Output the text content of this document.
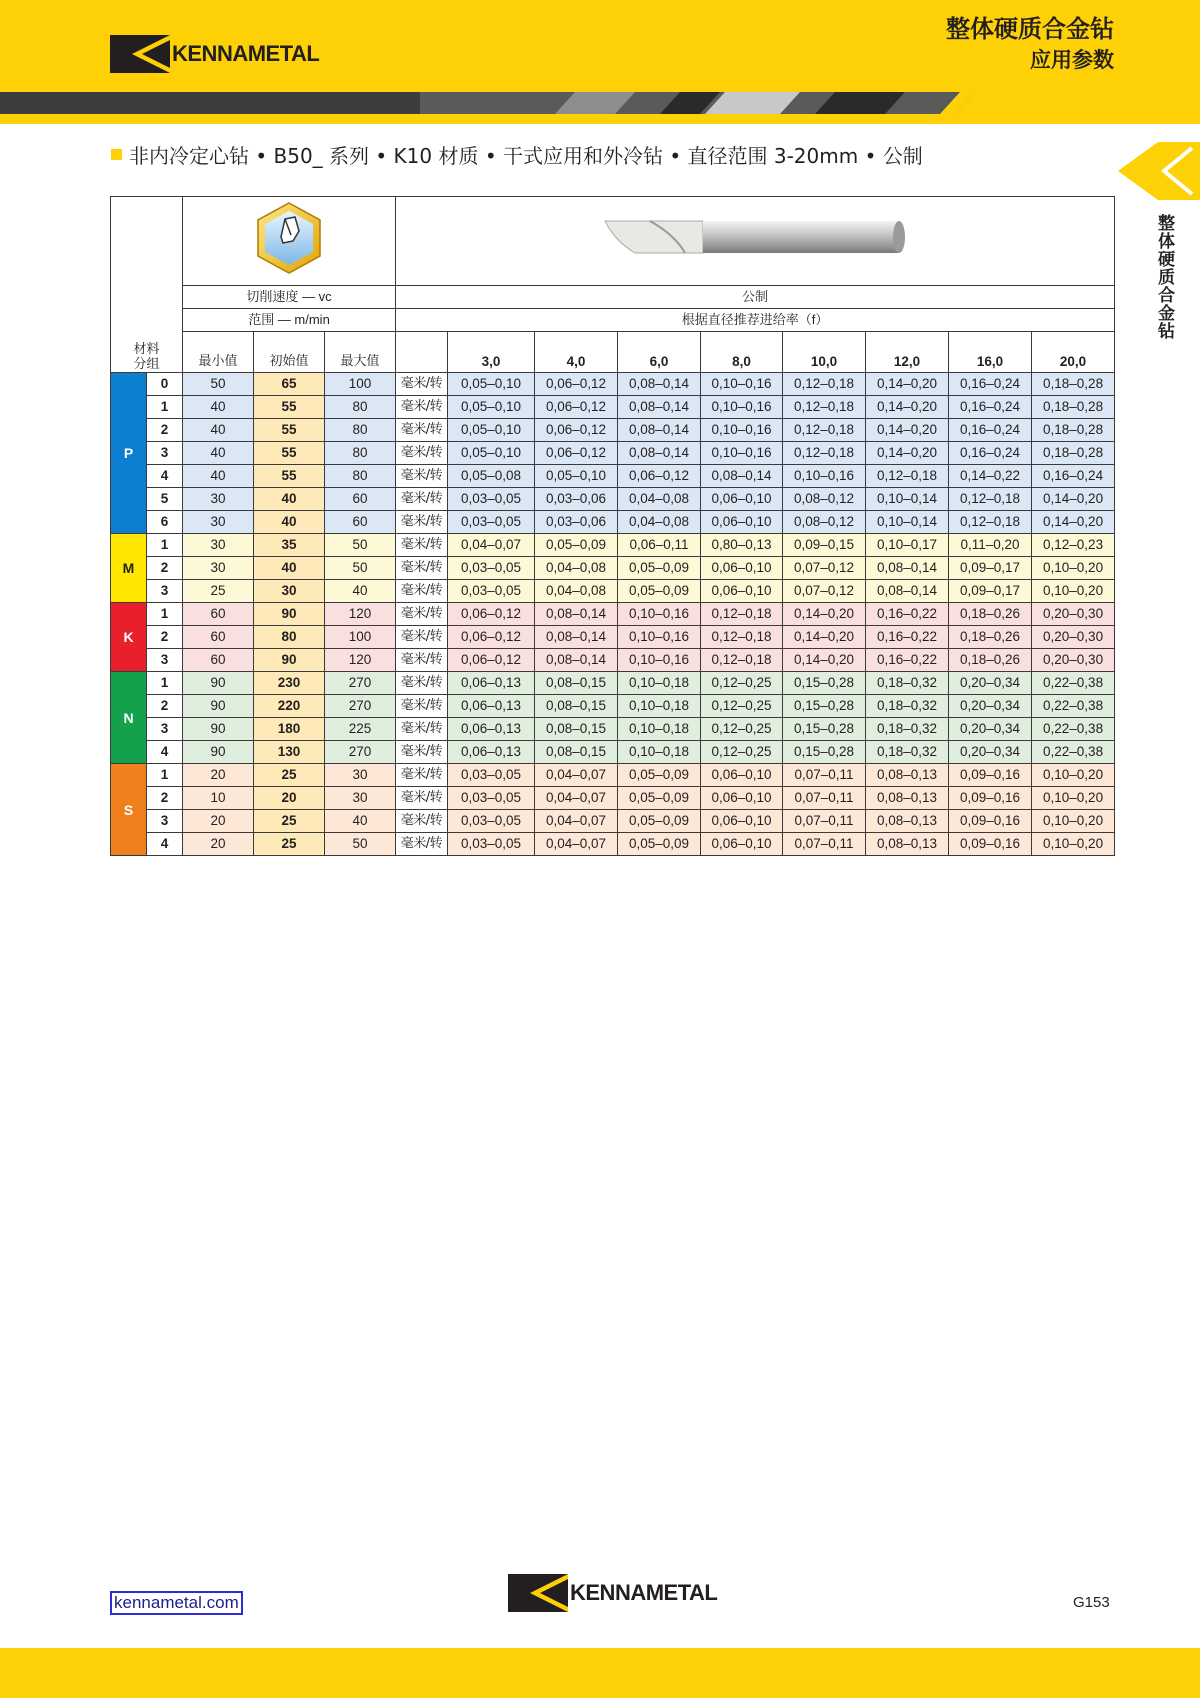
KENNAMETAL
整体硬质合金钻
应用参数
整体硬质合金钻
非内冷定心钻 • B50_ 系列 • K10 材质 • 干式应用和外冷钻 • 直径范围 3-20mm • 公制

		切削速度 — vc			公制								
		范围 — m/min			根据直径推荐进给率（f）								

材料
分组		最小值	初始值	最大值		3,0	4,0	6,0	8,0	10,0	12,0	16,0	20,0
P	0	50	65	100	毫米/转	0,05–0,10	0,06–0,12	0,08–0,14	0,10–0,16	0,12–0,18	0,14–0,20	0,16–0,24	0,18–0,28
	1	40	55	80	毫米/转	0,05–0,10	0,06–0,12	0,08–0,14	0,10–0,16	0,12–0,18	0,14–0,20	0,16–0,24	0,18–0,28
	2	40	55	80	毫米/转	0,05–0,10	0,06–0,12	0,08–0,14	0,10–0,16	0,12–0,18	0,14–0,20	0,16–0,24	0,18–0,28
	3	40	55	80	毫米/转	0,05–0,10	0,06–0,12	0,08–0,14	0,10–0,16	0,12–0,18	0,14–0,20	0,16–0,24	0,18–0,28
	4	40	55	80	毫米/转	0,05–0,08	0,05–0,10	0,06–0,12	0,08–0,14	0,10–0,16	0,12–0,18	0,14–0,22	0,16–0,24
	5	30	40	60	毫米/转	0,03–0,05	0,03–0,06	0,04–0,08	0,06–0,10	0,08–0,12	0,10–0,14	0,12–0,18	0,14–0,20
	6	30	40	60	毫米/转	0,03–0,05	0,03–0,06	0,04–0,08	0,06–0,10	0,08–0,12	0,10–0,14	0,12–0,18	0,14–0,20
M	1	30	35	50	毫米/转	0,04–0,07	0,05–0,09	0,06–0,11	0,80–0,13	0,09–0,15	0,10–0,17	0,11–0,20	0,12–0,23
	2	30	40	50	毫米/转	0,03–0,05	0,04–0,08	0,05–0,09	0,06–0,10	0,07–0,12	0,08–0,14	0,09–0,17	0,10–0,20
	3	25	30	40	毫米/转	0,03–0,05	0,04–0,08	0,05–0,09	0,06–0,10	0,07–0,12	0,08–0,14	0,09–0,17	0,10–0,20
K	1	60	90	120	毫米/转	0,06–0,12	0,08–0,14	0,10–0,16	0,12–0,18	0,14–0,20	0,16–0,22	0,18–0,26	0,20–0,30
	2	60	80	100	毫米/转	0,06–0,12	0,08–0,14	0,10–0,16	0,12–0,18	0,14–0,20	0,16–0,22	0,18–0,26	0,20–0,30
	3	60	90	120	毫米/转	0,06–0,12	0,08–0,14	0,10–0,16	0,12–0,18	0,14–0,20	0,16–0,22	0,18–0,26	0,20–0,30
N	1	90	230	270	毫米/转	0,06–0,13	0,08–0,15	0,10–0,18	0,12–0,25	0,15–0,28	0,18–0,32	0,20–0,34	0,22–0,38
	2	90	220	270	毫米/转	0,06–0,13	0,08–0,15	0,10–0,18	0,12–0,25	0,15–0,28	0,18–0,32	0,20–0,34	0,22–0,38
	3	90	180	225	毫米/转	0,06–0,13	0,08–0,15	0,10–0,18	0,12–0,25	0,15–0,28	0,18–0,32	0,20–0,34	0,22–0,38
	4	90	130	270	毫米/转	0,06–0,13	0,08–0,15	0,10–0,18	0,12–0,25	0,15–0,28	0,18–0,32	0,20–0,34	0,22–0,38
S	1	20	25	30	毫米/转	0,03–0,05	0,04–0,07	0,05–0,09	0,06–0,10	0,07–0,11	0,08–0,13	0,09–0,16	0,10–0,20
	2	10	20	30	毫米/转	0,03–0,05	0,04–0,07	0,05–0,09	0,06–0,10	0,07–0,11	0,08–0,13	0,09–0,16	0,10–0,20
	3	20	25	40	毫米/转	0,03–0,05	0,04–0,07	0,05–0,09	0,06–0,10	0,07–0,11	0,08–0,13	0,09–0,16	0,10–0,20
	4	20	25	50	毫米/转	0,03–0,05	0,04–0,07	0,05–0,09	0,06–0,10	0,07–0,11	0,08–0,13	0,09–0,16	0,10–0,20
kennametal.com	KENNAMETAL	G153
